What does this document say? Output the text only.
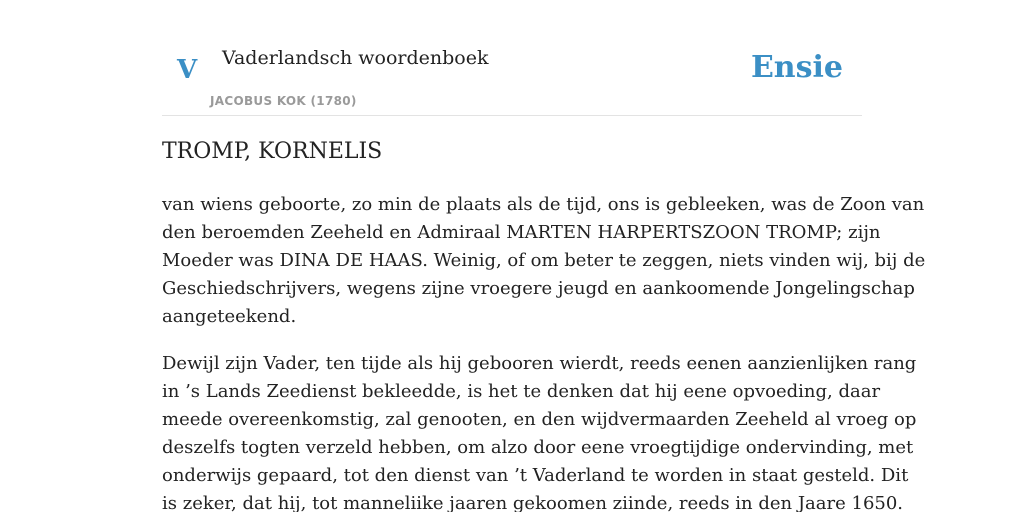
V Vaderlandsch woordenboek
JACOBUS KOK (1780)
Ensie
TROMP, KORNELIS

van wiens geboorte, zo min de plaats als de tijd, ons is gebleeken, was de Zoon van
den beroemden Zeeheld en Admiraal MARTEN HARPERTSZOON TROMP; zijn
Moeder was DINA DE HAAS. Weinig, of om beter te zeggen, niets vinden wij, bij de
Geschiedschrijvers, wegens zijne vroegere jeugd en aankoomende Jongelingschap
aangeteekend.

Dewijl zijn Vader, ten tijde als hij gebooren wierdt, reeds eenen aanzienlijken rang
in ’s Lands Zeedienst bekleedde, is het te denken dat hij eene opvoeding, daar
meede overeenkomstig, zal genooten, en den wijdvermaarden Zeeheld al vroeg op
deszelfs togten verzeld hebben, om alzo door eene vroegtijdige ondervinding, met
onderwijs gepaard, tot den dienst van ’t Vaderland te worden in staat gesteld. Dit
is zeker, dat hij, tot manneliike jaaren gekoomen ziinde, reeds in den Jaare 1650.
